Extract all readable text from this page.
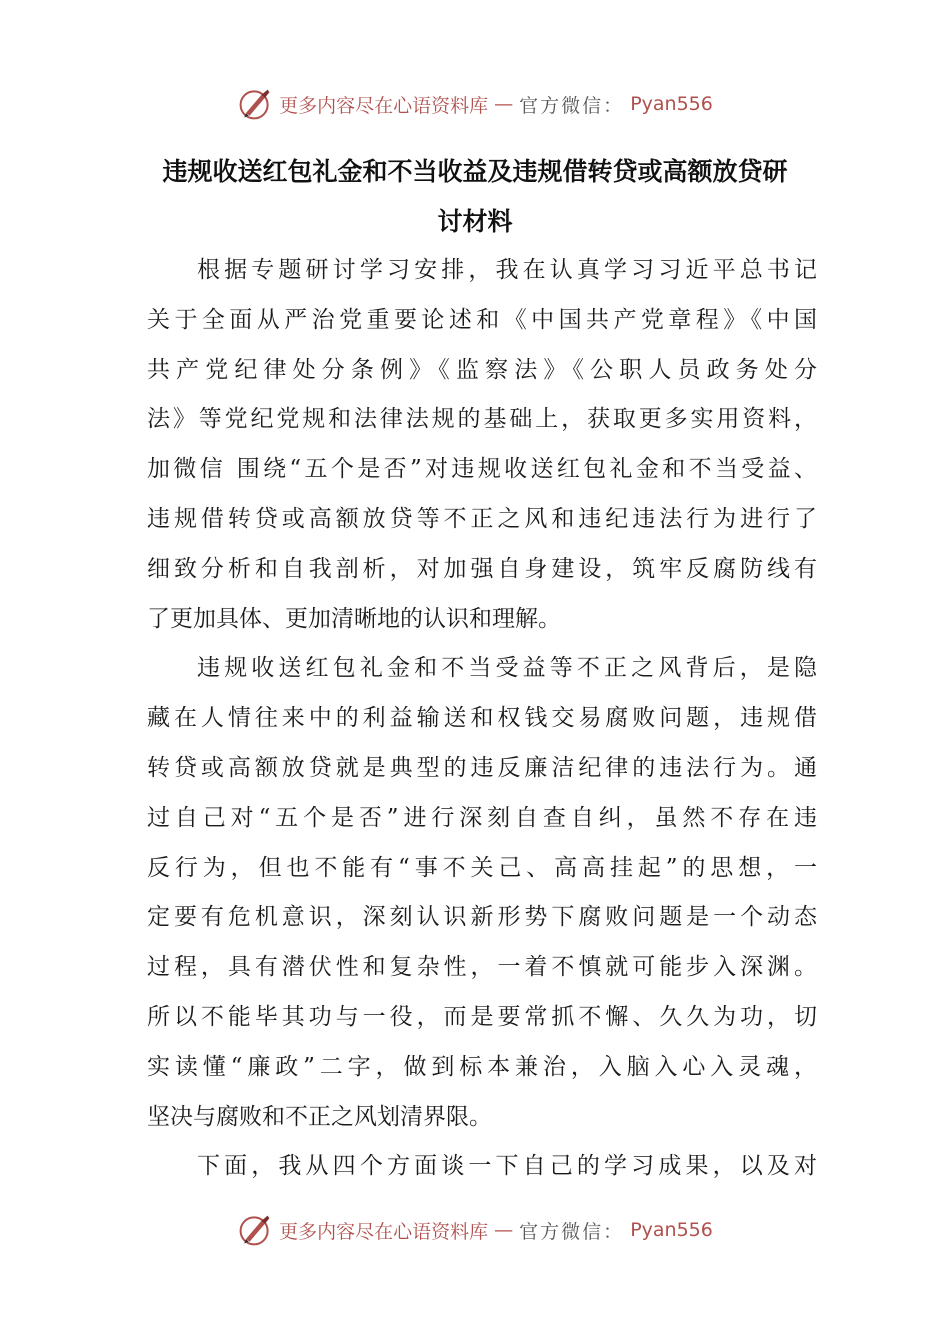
更多内容尽在心语资料库 — 官方微信： Pyan556
违规收送红包礼金和不当收益及违规借转贷或高额放贷研
讨材料
根据专题研讨学习安排，我在认真学习习近平总书记
关于全面从严治党重要论述和《中国共产党章程》《中国
共产党纪律处分条例》《监察法》《公职人员政务处分
法》等党纪党规和法律法规的基础上，获取更多实用资料，
加微信 围绕“五个是否”对违规收送红包礼金和不当受益、
违规借转贷或高额放贷等不正之风和违纪违法行为进行了
细致分析和自我剖析，对加强自身建设，筑牢反腐防线有
了更加具体、更加清晰地的认识和理解。
违规收送红包礼金和不当受益等不正之风背后，是隐
藏在人情往来中的利益输送和权钱交易腐败问题，违规借
转贷或高额放贷就是典型的违反廉洁纪律的违法行为。通
过自己对“五个是否”进行深刻自查自纠，虽然不存在违
反行为，但也不能有“事不关己、高高挂起”的思想，一
定要有危机意识，深刻认识新形势下腐败问题是一个动态
过程，具有潜伏性和复杂性，一着不慎就可能步入深渊。
所以不能毕其功与一役，而是要常抓不懈、久久为功，切
实读懂“廉政”二字，做到标本兼治，入脑入心入灵魂，
坚决与腐败和不正之风划清界限。
下面，我从四个方面谈一下自己的学习成果，以及对
更多内容尽在心语资料库 — 官方微信： Pyan556
